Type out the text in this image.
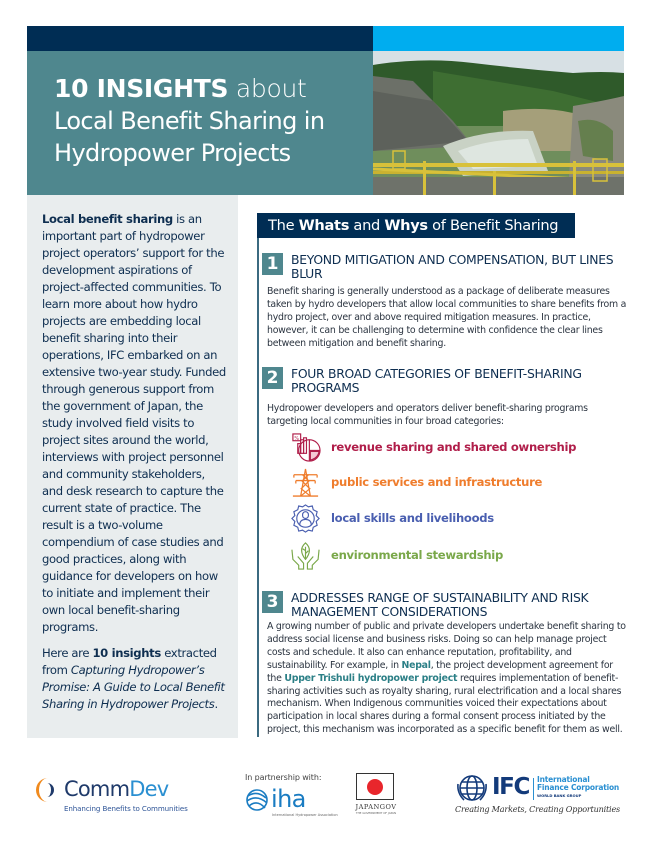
10 INSIGHTS about
Local Benefit Sharing in
Hydropower Projects

Local benefit sharing is an important part of hydropower project operators’ support for the development aspirations of project-affected communities. To learn more about how hydro projects are embedding local benefit sharing into their operations, IFC embarked on an extensive two-year study. Funded through generous support from the government of Japan, the study involved field visits to project sites around the world, interviews with project personnel and community stakeholders, and desk research to capture the current state of practice. The result is a two-volume compendium of case studies and good practices, along with guidance for developers on how to initiate and implement their own local benefit-sharing programs.

Here are 10 insights extracted from Capturing Hydropower’s Promise: A Guide to Local Benefit Sharing in Hydropower Projects.

The Whats and Whys of Benefit Sharing
1	BEYOND MITIGATION AND COMPENSATION, BUT LINES BLUR
Benefit sharing is generally understood as a package of deliberate measures taken by hydro developers that allow local communities to share benefits from a hydro project, over and above required mitigation measures. In practice, however, it can be challenging to determine with confidence the clear lines between mitigation and benefit sharing.
2	FOUR BROAD CATEGORIES OF BENEFIT-SHARING PROGRAMS
Hydropower developers and operators deliver benefit-sharing programs targeting local communities in four broad categories:
%
revenue sharing and shared ownership
public services and infrastructure
local skills and livelihoods
environmental stewardship
3	ADDRESSES RANGE OF SUSTAINABILITY AND RISK MANAGEMENT CONSIDERATIONS
A growing number of public and private developers undertake benefit sharing to address social license and business risks. Doing so can help manage project costs and schedule. It also can enhance reputation, profitability, and sustainability. For example, in Nepal, the project development agreement for the Upper Trishuli hydropower project requires implementation of benefit-sharing activities such as royalty sharing, rural electrification and a local shares mechanism. When Indigenous communities voiced their expectations about participation in local shares during a formal consent process initiated by the project, this mechanism was incorporated as a specific benefit for them as well.
CommDev
Enhancing Benefits to Communities
In partnership with:
iha
International Hydropower Association
JAPANGOV
THE GOVERNMENT OF JAPAN
IFC International
Finance Corporation
WORLD BANK GROUP
Creating Markets, Creating Opportunities
